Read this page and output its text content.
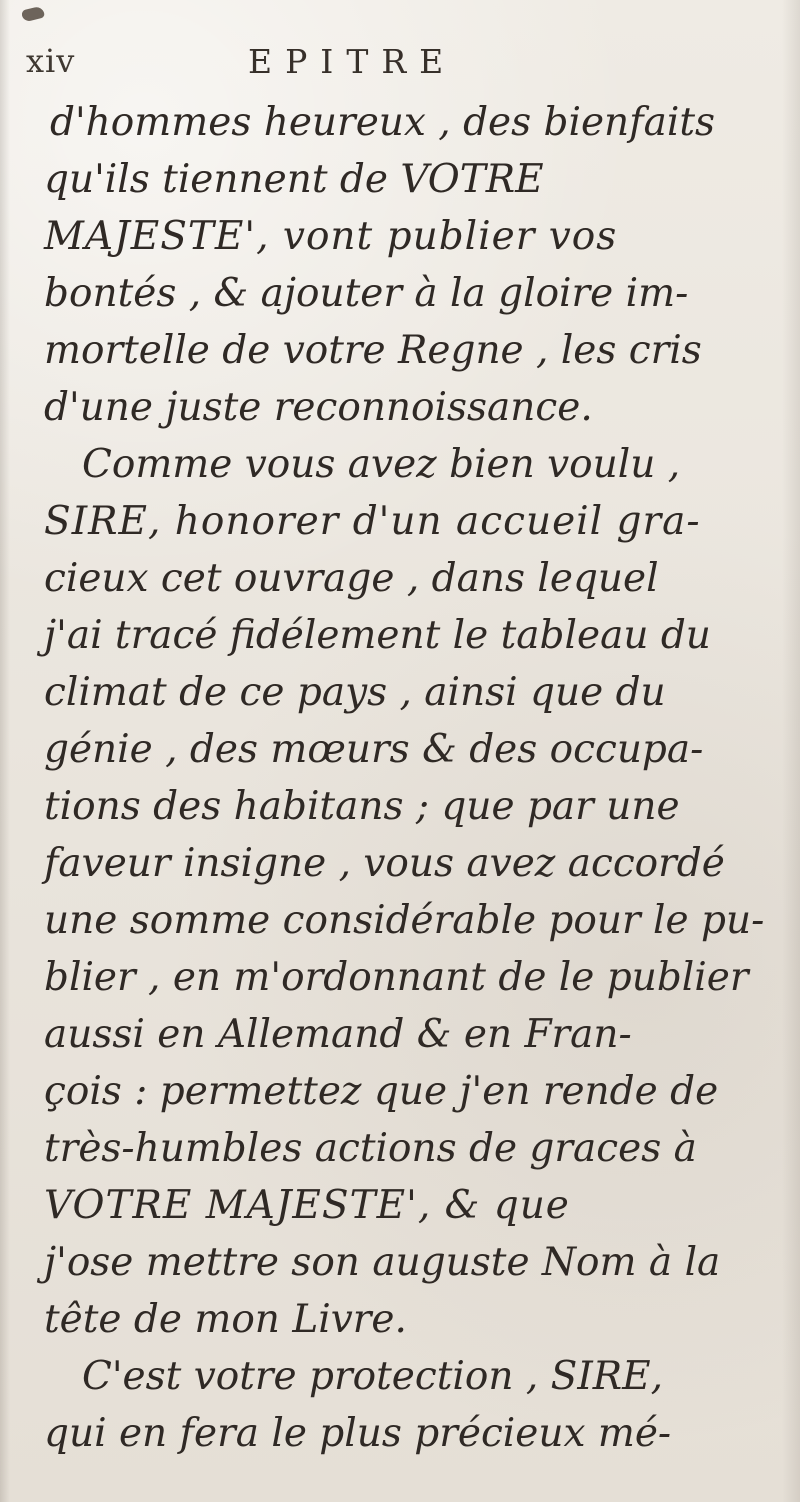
xiv	EPITRE
d'hommes heureux , des bienfaits
qu'ils tiennent de VOTRE
MAJESTE', vont publier vos
bontés , & ajouter à la gloire im-
mortelle de votre Regne , les cris
d'une juste reconnoissance.
Comme vous avez bien voulu ,
SIRE, honorer d'un accueil gra-
cieux cet ouvrage , dans lequel
j'ai tracé fidélement le tableau du
climat de ce pays , ainsi que du
génie , des mœurs & des occupa-
tions des habitans ; que par une
faveur insigne , vous avez accordé
une somme considérable pour le pu-
blier , en m'ordonnant de le publier
aussi en Allemand & en Fran-
çois : permettez que j'en rende de
très-humbles actions de graces à
VOTRE MAJESTE', & que
j'ose mettre son auguste Nom à la
tête de mon Livre.
C'est votre protection , SIRE,
qui en fera le plus précieux mé-
